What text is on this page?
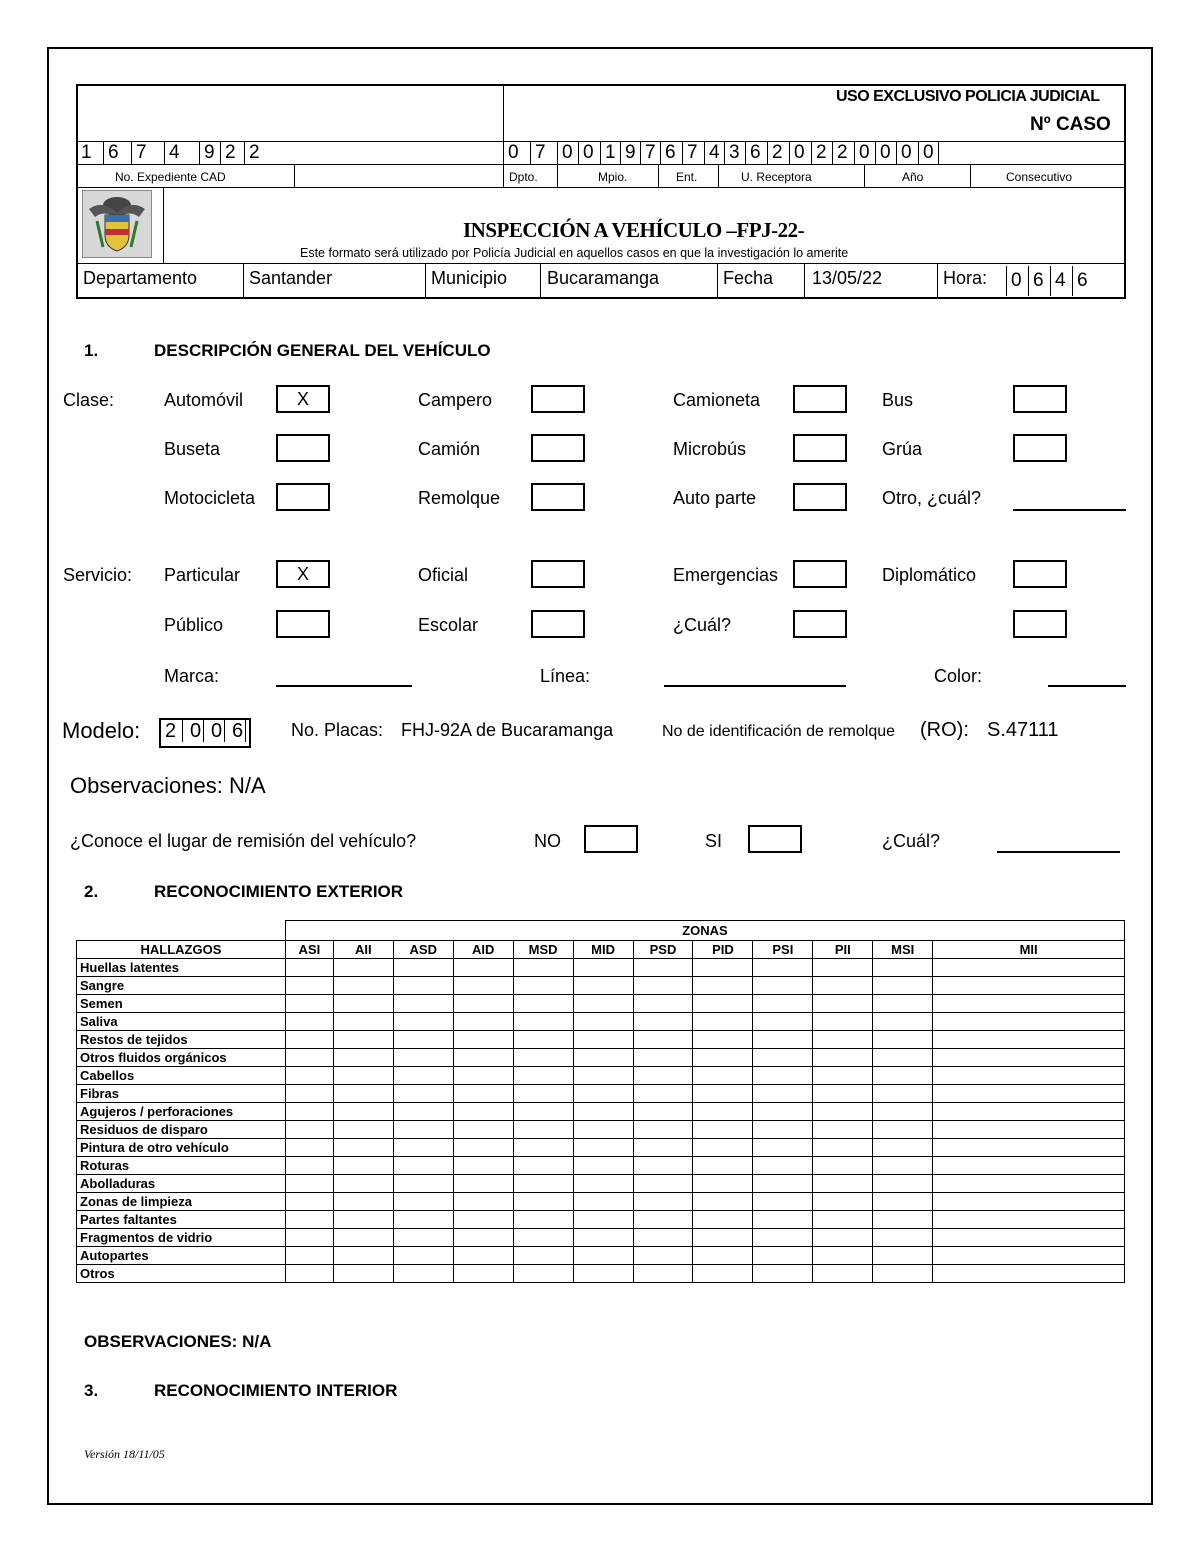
USO EXCLUSIVO POLICIA JUDICIAL
Nº CASO
1 6 7	4	9 2 2
No. Expediente CAD
0 7 0 0 1 9 7 6 7 4 3 6 2 0 2 2 0 0 0 0
Dpto.	Mpio.	Ent.	U. Receptora	Año	Consecutivo
INSPECCIÓN A VEHÍCULO –FPJ-22-
Este formato será utilizado por Policía Judicial en aquellos casos en que la investigación lo amerite
Departamento	Santander	Municipio Bucaramanga	Fecha 13/05/22	Hora: 0 6 4 6
1.	DESCRIPCIÓN GENERAL DEL VEHÍCULO
Clase:	Automóvil	X	Campero	Camioneta	Bus
Buseta	Camión	Microbús	Grúa
Motocicleta	Remolque	Auto parte	Otro, ¿cuál?
Servicio: Particular	X	Oficial	Emergencias	Diplomático
Público	Escolar	¿Cuál?
Marca:	Línea:	Color:
Modelo: 2 0 0 6	No. Placas: FHJ-92A de Bucaramanga	No de identificación de remolque (RO): S.47111
Observaciones: N/A
¿Conoce el lugar de remisión del vehículo?	NO	SI	¿Cuál?
2.	RECONOCIMIENTO EXTERIOR
	ZONAS											
HALLAZGOS	ASI	AII	ASD	AID	MSD	MID	PSD	PID	PSI	PII	MSI	MII
Huellas latentes												
Sangre												
Semen												
Saliva												
Restos de tejidos												
Otros fluidos orgánicos												
Cabellos												
Fibras												
Agujeros / perforaciones												
Residuos de disparo												
Pintura de otro vehículo												
Roturas												
Abolladuras												
Zonas de limpieza												
Partes faltantes												
Fragmentos de vidrio												
Autopartes												
Otros												
OBSERVACIONES: N/A
3.	RECONOCIMIENTO INTERIOR
Versión 18/11/05
